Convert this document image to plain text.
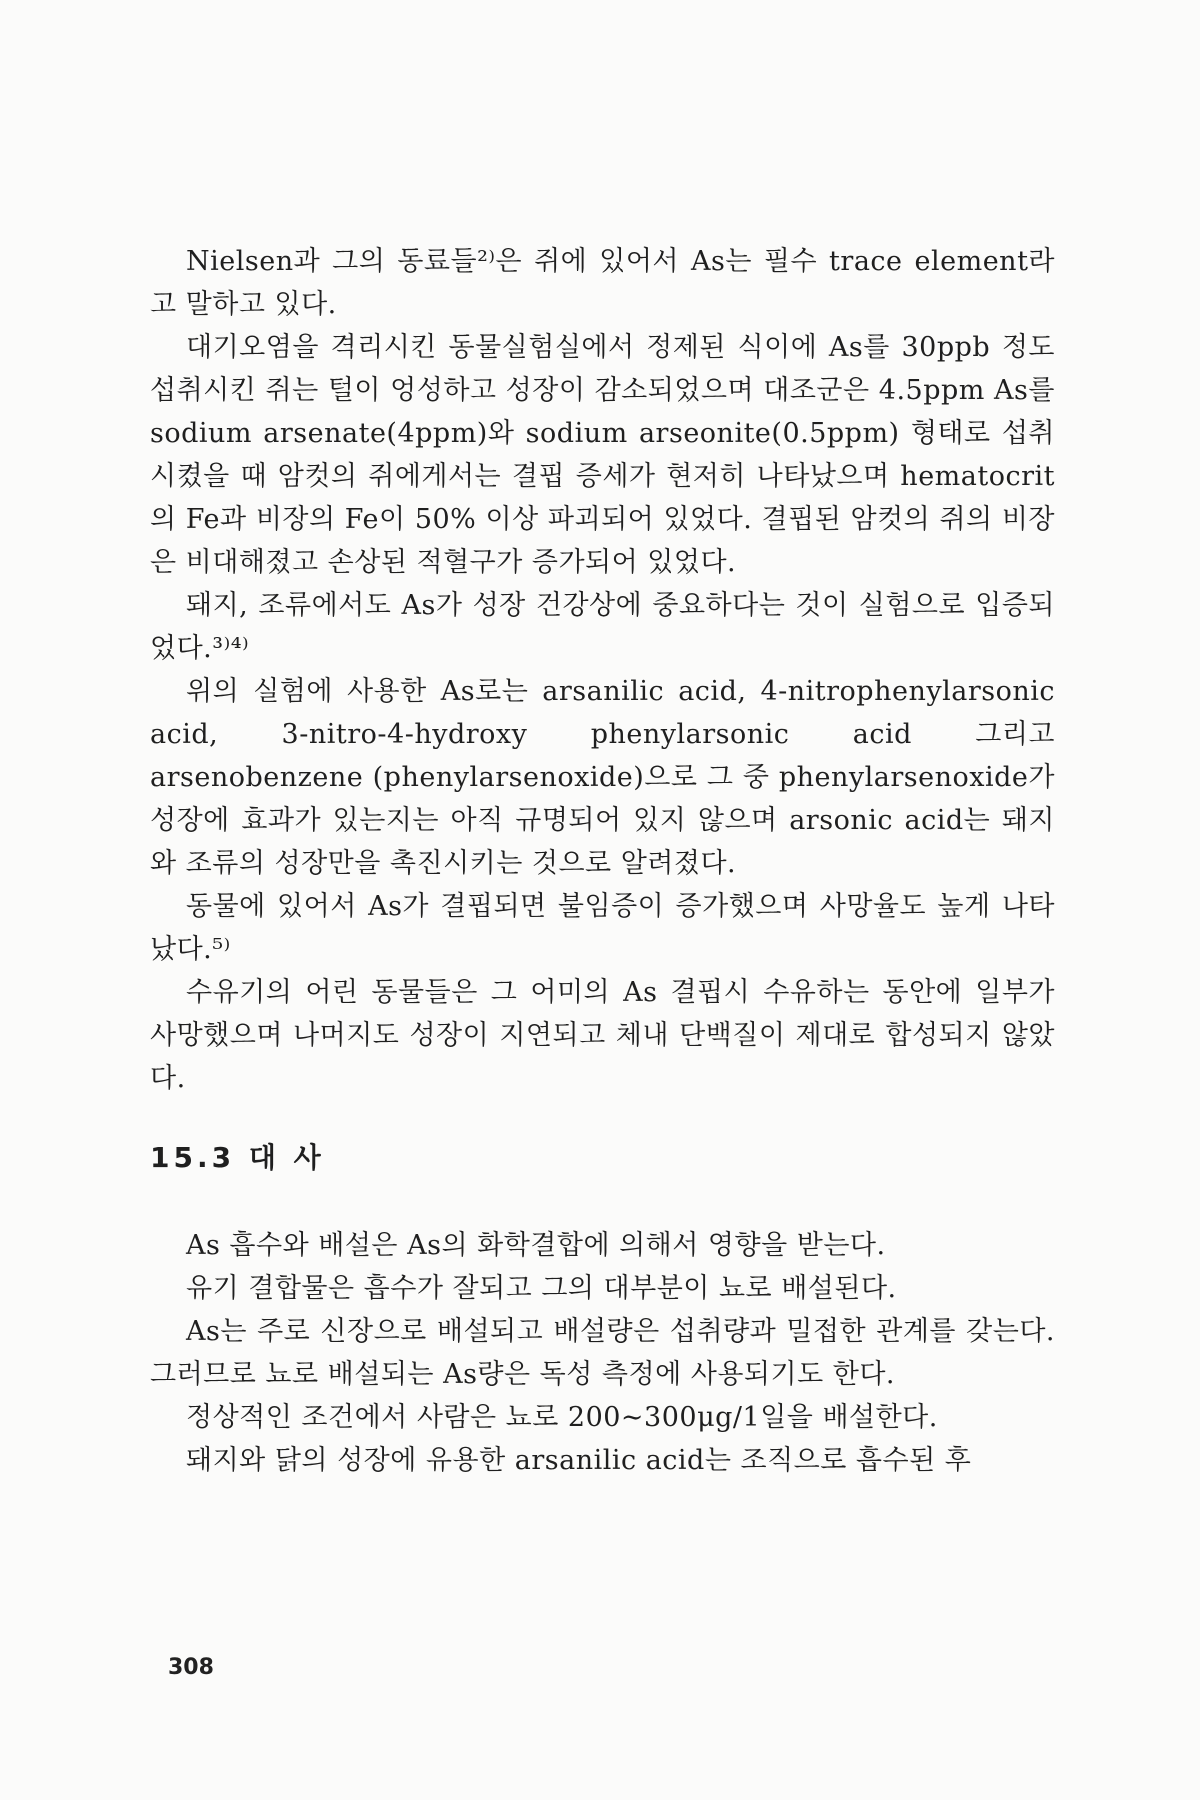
Nielsen과 그의 동료들²⁾은 쥐에 있어서 As는 필수 trace element라고 말하고 있다.

대기오염을 격리시킨 동물실험실에서 정제된 식이에 As를 30ppb 정도 섭취시킨 쥐는 털이 엉성하고 성장이 감소되었으며 대조군은 4.5ppm As를 sodium arsenate(4ppm)와 sodium arseonite(0.5ppm) 형태로 섭취시켰을 때 암컷의 쥐에게서는 결핍 증세가 현저히 나타났으며 hematocrit의 Fe과 비장의 Fe이 50% 이상 파괴되어 있었다. 결핍된 암컷의 쥐의 비장은 비대해졌고 손상된 적혈구가 증가되어 있었다.

돼지, 조류에서도 As가 성장 건강상에 중요하다는 것이 실험으로 입증되었다.³⁾⁴⁾

위의 실험에 사용한 As로는 arsanilic acid, 4-nitrophenylarsonic acid, 3-nitro-4-hydroxy phenylarsonic acid 그리고 arsenobenzene (phenylarsenoxide)으로 그 중 phenylarsenoxide가 성장에 효과가 있는지는 아직 규명되어 있지 않으며 arsonic acid는 돼지와 조류의 성장만을 촉진시키는 것으로 알려졌다.

동물에 있어서 As가 결핍되면 불임증이 증가했으며 사망율도 높게 나타났다.⁵⁾

수유기의 어린 동물들은 그 어미의 As 결핍시 수유하는 동안에 일부가 사망했으며 나머지도 성장이 지연되고 체내 단백질이 제대로 합성되지 않았다.

15.3 대 사

As 흡수와 배설은 As의 화학결합에 의해서 영향을 받는다.

유기 결합물은 흡수가 잘되고 그의 대부분이 뇨로 배설된다.

As는 주로 신장으로 배설되고 배설량은 섭취량과 밀접한 관계를 갖는다. 그러므로 뇨로 배설되는 As량은 독성 측정에 사용되기도 한다.

정상적인 조건에서 사람은 뇨로 200∼300μg/1일을 배설한다.

돼지와 닭의 성장에 유용한 arsanilic acid는 조직으로 흡수된 후

308
